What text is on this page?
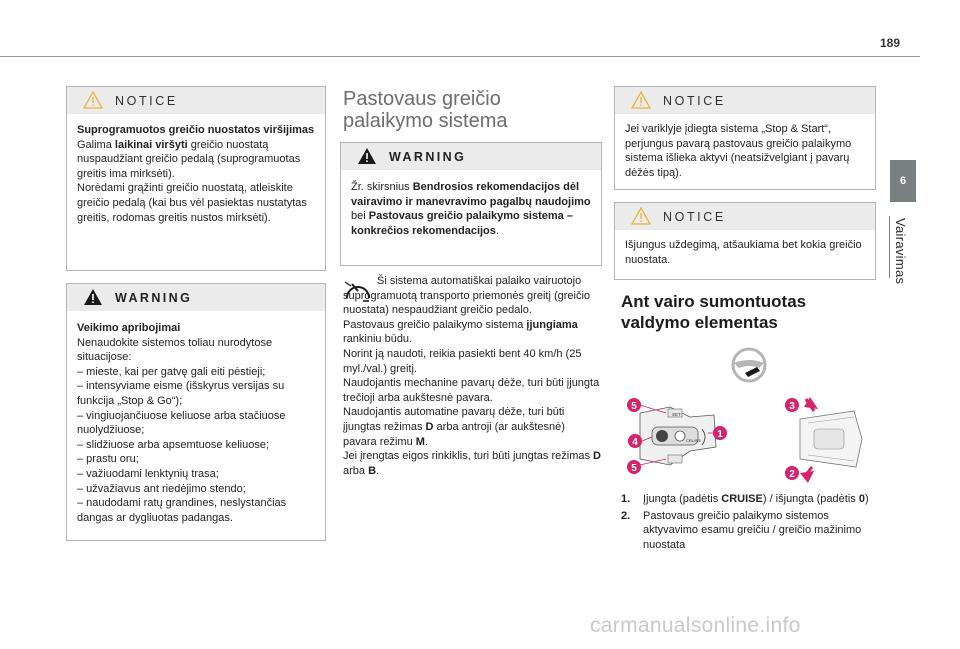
189
6
Vairavimas
NOTICE

Suprogramuotos greičio nuostatos viršijimas

Galima laikinai viršyti greičio nuostatą nuspaudžiant greičio pedalą (suprogramuotas greitis ima mirksėti).

Norėdami grąžinti greičio nuostatą, atleiskite greičio pedalą (kai bus vėl pasiektas nustatytas greitis, rodomas greitis nustos mirksėti).

WARNING

Veikimo apribojimai

Nenaudokite sistemos toliau nurodytose situacijose:

– mieste, kai per gatvę gali eiti pėstieji;

– intensyviame eisme (išskyrus versijas su funkcija „Stop & Go“);

– vingiuojančiuose keliuose arba stačiuose nuolydžiuose;

– slidžiuose arba apsemtuose keliuose;

– prastu oru;

– važiuodami lenktynių trasa;

– užvažiavus ant riedėjimo stendo;

– naudodami ratų grandines, neslystančias dangas ar dygliuotas padangas.

Pastovaus greičio palaikymo sistema
WARNING

Žr. skirsnius Bendrosios rekomendacijos dėl vairavimo ir manevravimo pagalbų naudojimo bei Pastovaus greičio palaikymo sistema – konkrečios rekomendacijos.

Ši sistema automatiškai palaiko vairuotojo suprogramuotą transporto priemonės greitį (greičio nuostata) nespaudžiant greičio pedalo.

Pastovaus greičio palaikymo sistema įjungiama rankiniu būdu.

Norint ją naudoti, reikia pasiekti bent 40 km/h (25 myl./val.) greitį.

Naudojantis mechanine pavarų dėže, turi būti įjungta trečioji arba aukštesnė pavara.

Naudojantis automatine pavarų dėže, turi būti įjungtas režimas D arba antroji (ar aukštesnė) pavara režimu M.

Jei įrengtas eigos rinkiklis, turi būti jungtas režimas D arba B.

NOTICE

Jei variklyje įdiegta sistema „Stop & Start“, perjungus pavarą pastovaus greičio palaikymo sistema išlieka aktyvi (neatsižvelgiant į pavarų dėžės tipą).

NOTICE

Išjungus uždegimą, atšaukiama bet kokia greičio nuostata.

Ant vairo sumontuotas valdymo elementas
SET
CRUISE
5
4
5
1
3
2
1.	Įjungta (padėtis CRUISE) / išjungta (padėtis 0)
2.	Pastovaus greičio palaikymo sistemos aktyvavimo esamu greičiu / greičio mažinimo nuostata
carmanualsonline.info
